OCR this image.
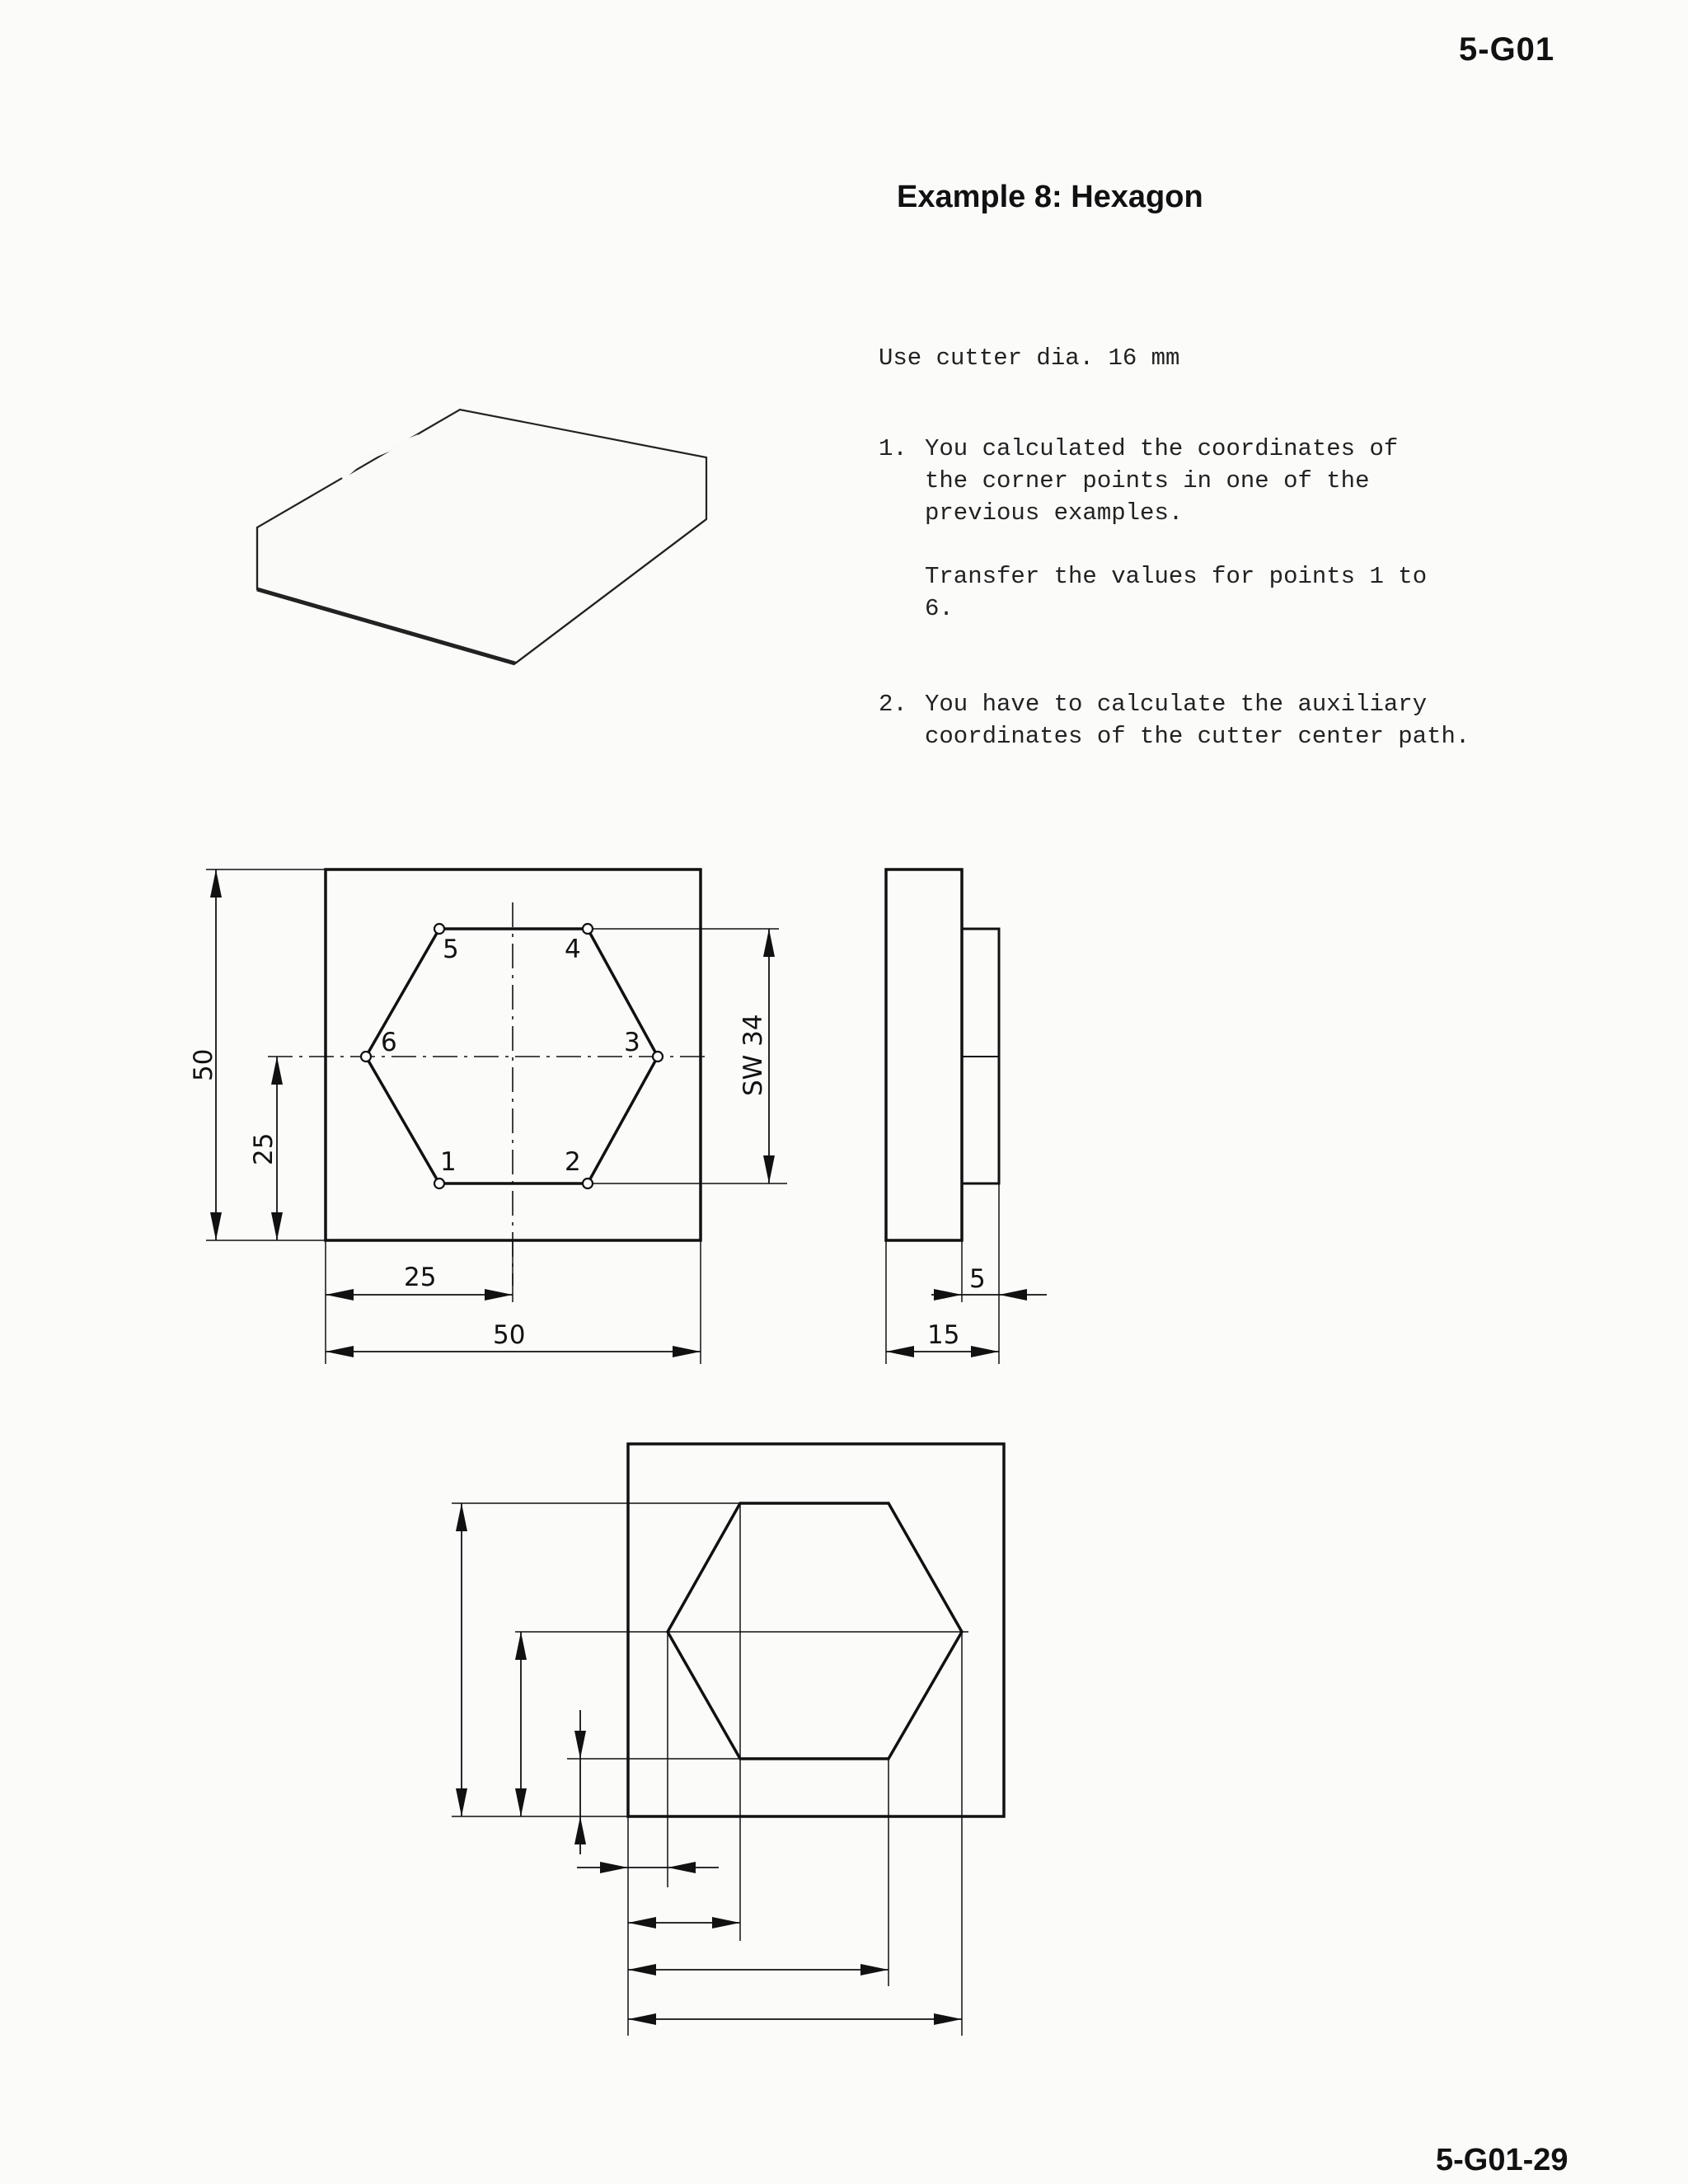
5-G01
Example 8: Hexagon
Use cutter dia. 16 mm
1. You calculated the coordinates of the corner points in one of the previous examples.
Transfer the values for points 1 to 6.
2. You have to calculate the auxiliary coordinates of the cutter center path.
1	2
3
4
5
6
50
25
SW 34
25
50
5
15
5-G01-29
